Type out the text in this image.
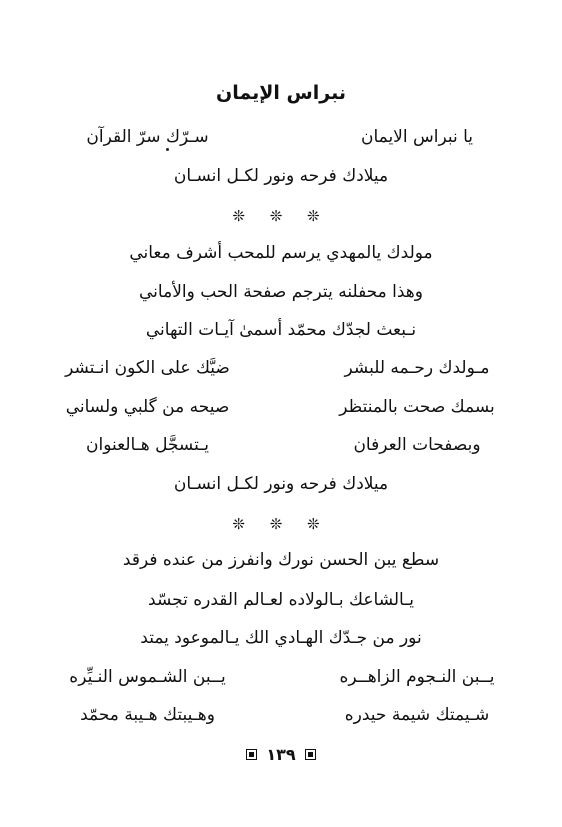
نبراس الإيمان
يا نبراس الايمان
سـرّك سرّ القرآن
ميلادك فرحه ونور لكـل انسـان
❊ ❊ ❊
مولدك يالمهدي يرسم للمحب أشرف معاني
وهذا محفلنه يترجم صفحة الحب والأماني
نـبعث لجدّك محمّد أسمىٰ آيـات التهاني
مـولدك رحـمه للبشر
ضيَّك على الكون انـتشر
بسمك صحت بالمنتظر
صيحه من گلبي ولساني
وبصفحات العرفان
يـتسجَّل هـالعنوان
ميلادك فرحه ونور لكـل انسـان
❊ ❊ ❊
سطع يبن الحسن نورك وانفرز من عنده فرقد
يـالشاعك بـالولاده لعـالم القدره تجسّد
نور من جـدّك الهـادي الك يـالموعود يمتد
يــبن النـجوم الزاهــره
يــبن الشـموس النـيِّره
شـيمتك شيمة حيدره
وهـيبتك هـيبة محمّد
١٣٩
